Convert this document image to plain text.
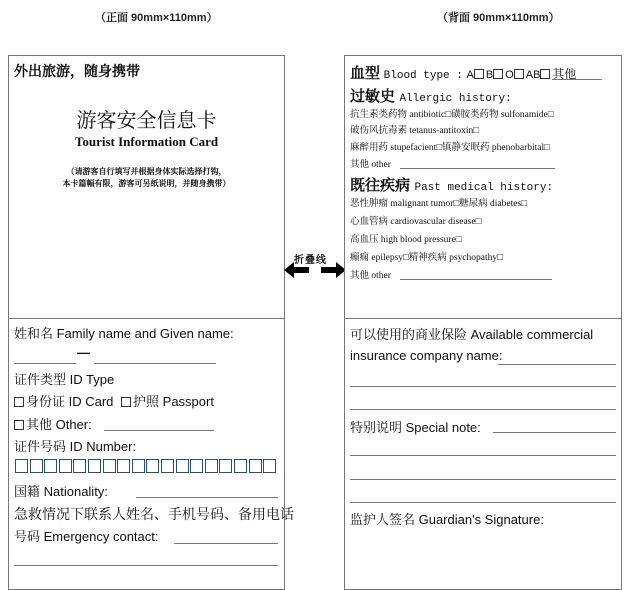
（正面 90mm×110mm）	（背面 90mm×110mm）
外出旅游，随身携带
游客安全信息卡
Tourist Information Card
（请游客自行填写并根据身体实际选择打钩，
本卡篇幅有限，游客可另纸说明，并随身携带）
姓和名 Family name and Given name:
—
证件类型 ID Type
身份证 ID Card 护照 Passport
其他 Other:
证件号码 ID Number:
国籍 Nationality:
急救情况下联系人姓名、手机号码、备用电话
号码 Emergency contact:
折叠线
血型 Blood type : A B O AB 其他
过敏史 Allergic history:
抗生素类药物 antibiotic□磺胺类药物 sulfonamide□
破伤风抗毒素 tetanus-antitoxin□
麻醉用药 stupefacient□镇静安眠药 phenobarbital□
其他 other
既往疾病 Past medical history:
恶性肿瘤 malignant tumor□糖尿病 diabetes□
心血管病 cardiovascular disease□
高血压 high blood pressure□
癫痫 epilepsy□精神疾病 psychopathy□
其他 other
可以使用的商业保险 Available commercial
insurance company name:
特别说明 Special note:
监护人签名 Guardian's Signature:
